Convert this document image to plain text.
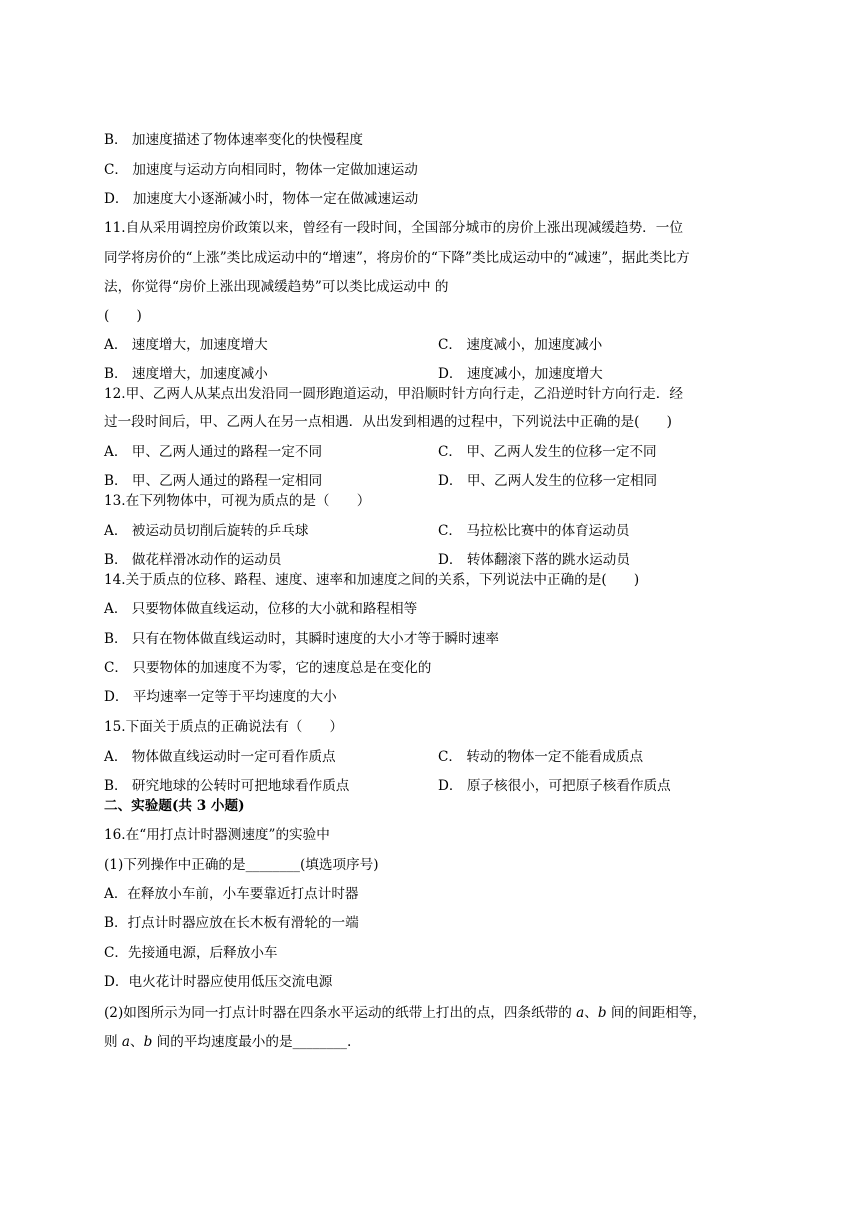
B． 加速度描述了物体速率变化的快慢程度
C． 加速度与运动方向相同时，物体一定做加速运动
D． 加速度大小逐渐减小时，物体一定在做减速运动
11.自从采用调控房价政策以来，曾经有一段时间，全国部分城市的房价上涨出现减缓趋势．一位
同学将房价的“上涨”类比成运动中的“增速”，将房价的“下降”类比成运动中的“减速”，据此类比方
法，你觉得“房价上涨出现减缓趋势”可以类比成运动中 的
(　　)
A． 速度增大，加速度增大	C． 速度减小，加速度减小
B． 速度增大，加速度减小	D． 速度减小，加速度增大
12.甲、乙两人从某点出发沿同一圆形跑道运动，甲沿顺时针方向行走，乙沿逆时针方向行走．经
过一段时间后，甲、乙两人在另一点相遇．从出发到相遇的过程中，下列说法中正确的是(　　)
A． 甲、乙两人通过的路程一定不同	C． 甲、乙两人发生的位移一定不同
B． 甲、乙两人通过的路程一定相同	D． 甲、乙两人发生的位移一定相同
13.在下列物体中，可视为质点的是（　　）
A． 被运动员切削后旋转的乒乓球	C． 马拉松比赛中的体育运动员
B． 做花样滑冰动作的运动员	D． 转体翻滚下落的跳水运动员
14.关于质点的位移、路程、速度、速率和加速度之间的关系，下列说法中正确的是(　　)
A． 只要物体做直线运动，位移的大小就和路程相等
B． 只有在物体做直线运动时，其瞬时速度的大小才等于瞬时速率
C． 只要物体的加速度不为零，它的速度总是在变化的
D． 平均速率一定等于平均速度的大小
15.下面关于质点的正确说法有（　　）
A． 物体做直线运动时一定可看作质点	C． 转动的物体一定不能看成质点
B． 研究地球的公转时可把地球看作质点	D． 原子核很小，可把原子核看作质点
二、实验题(共 3 小题)
16.在“用打点计时器测速度”的实验中
(1)下列操作中正确的是________(填选项序号)
A．在释放小车前，小车要靠近打点计时器
B．打点计时器应放在长木板有滑轮的一端
C．先接通电源，后释放小车
D．电火花计时器应使用低压交流电源
(2)如图所示为同一打点计时器在四条水平运动的纸带上打出的点，四条纸带的 a、b 间的间距相等，
则 a、b 间的平均速度最小的是________.
